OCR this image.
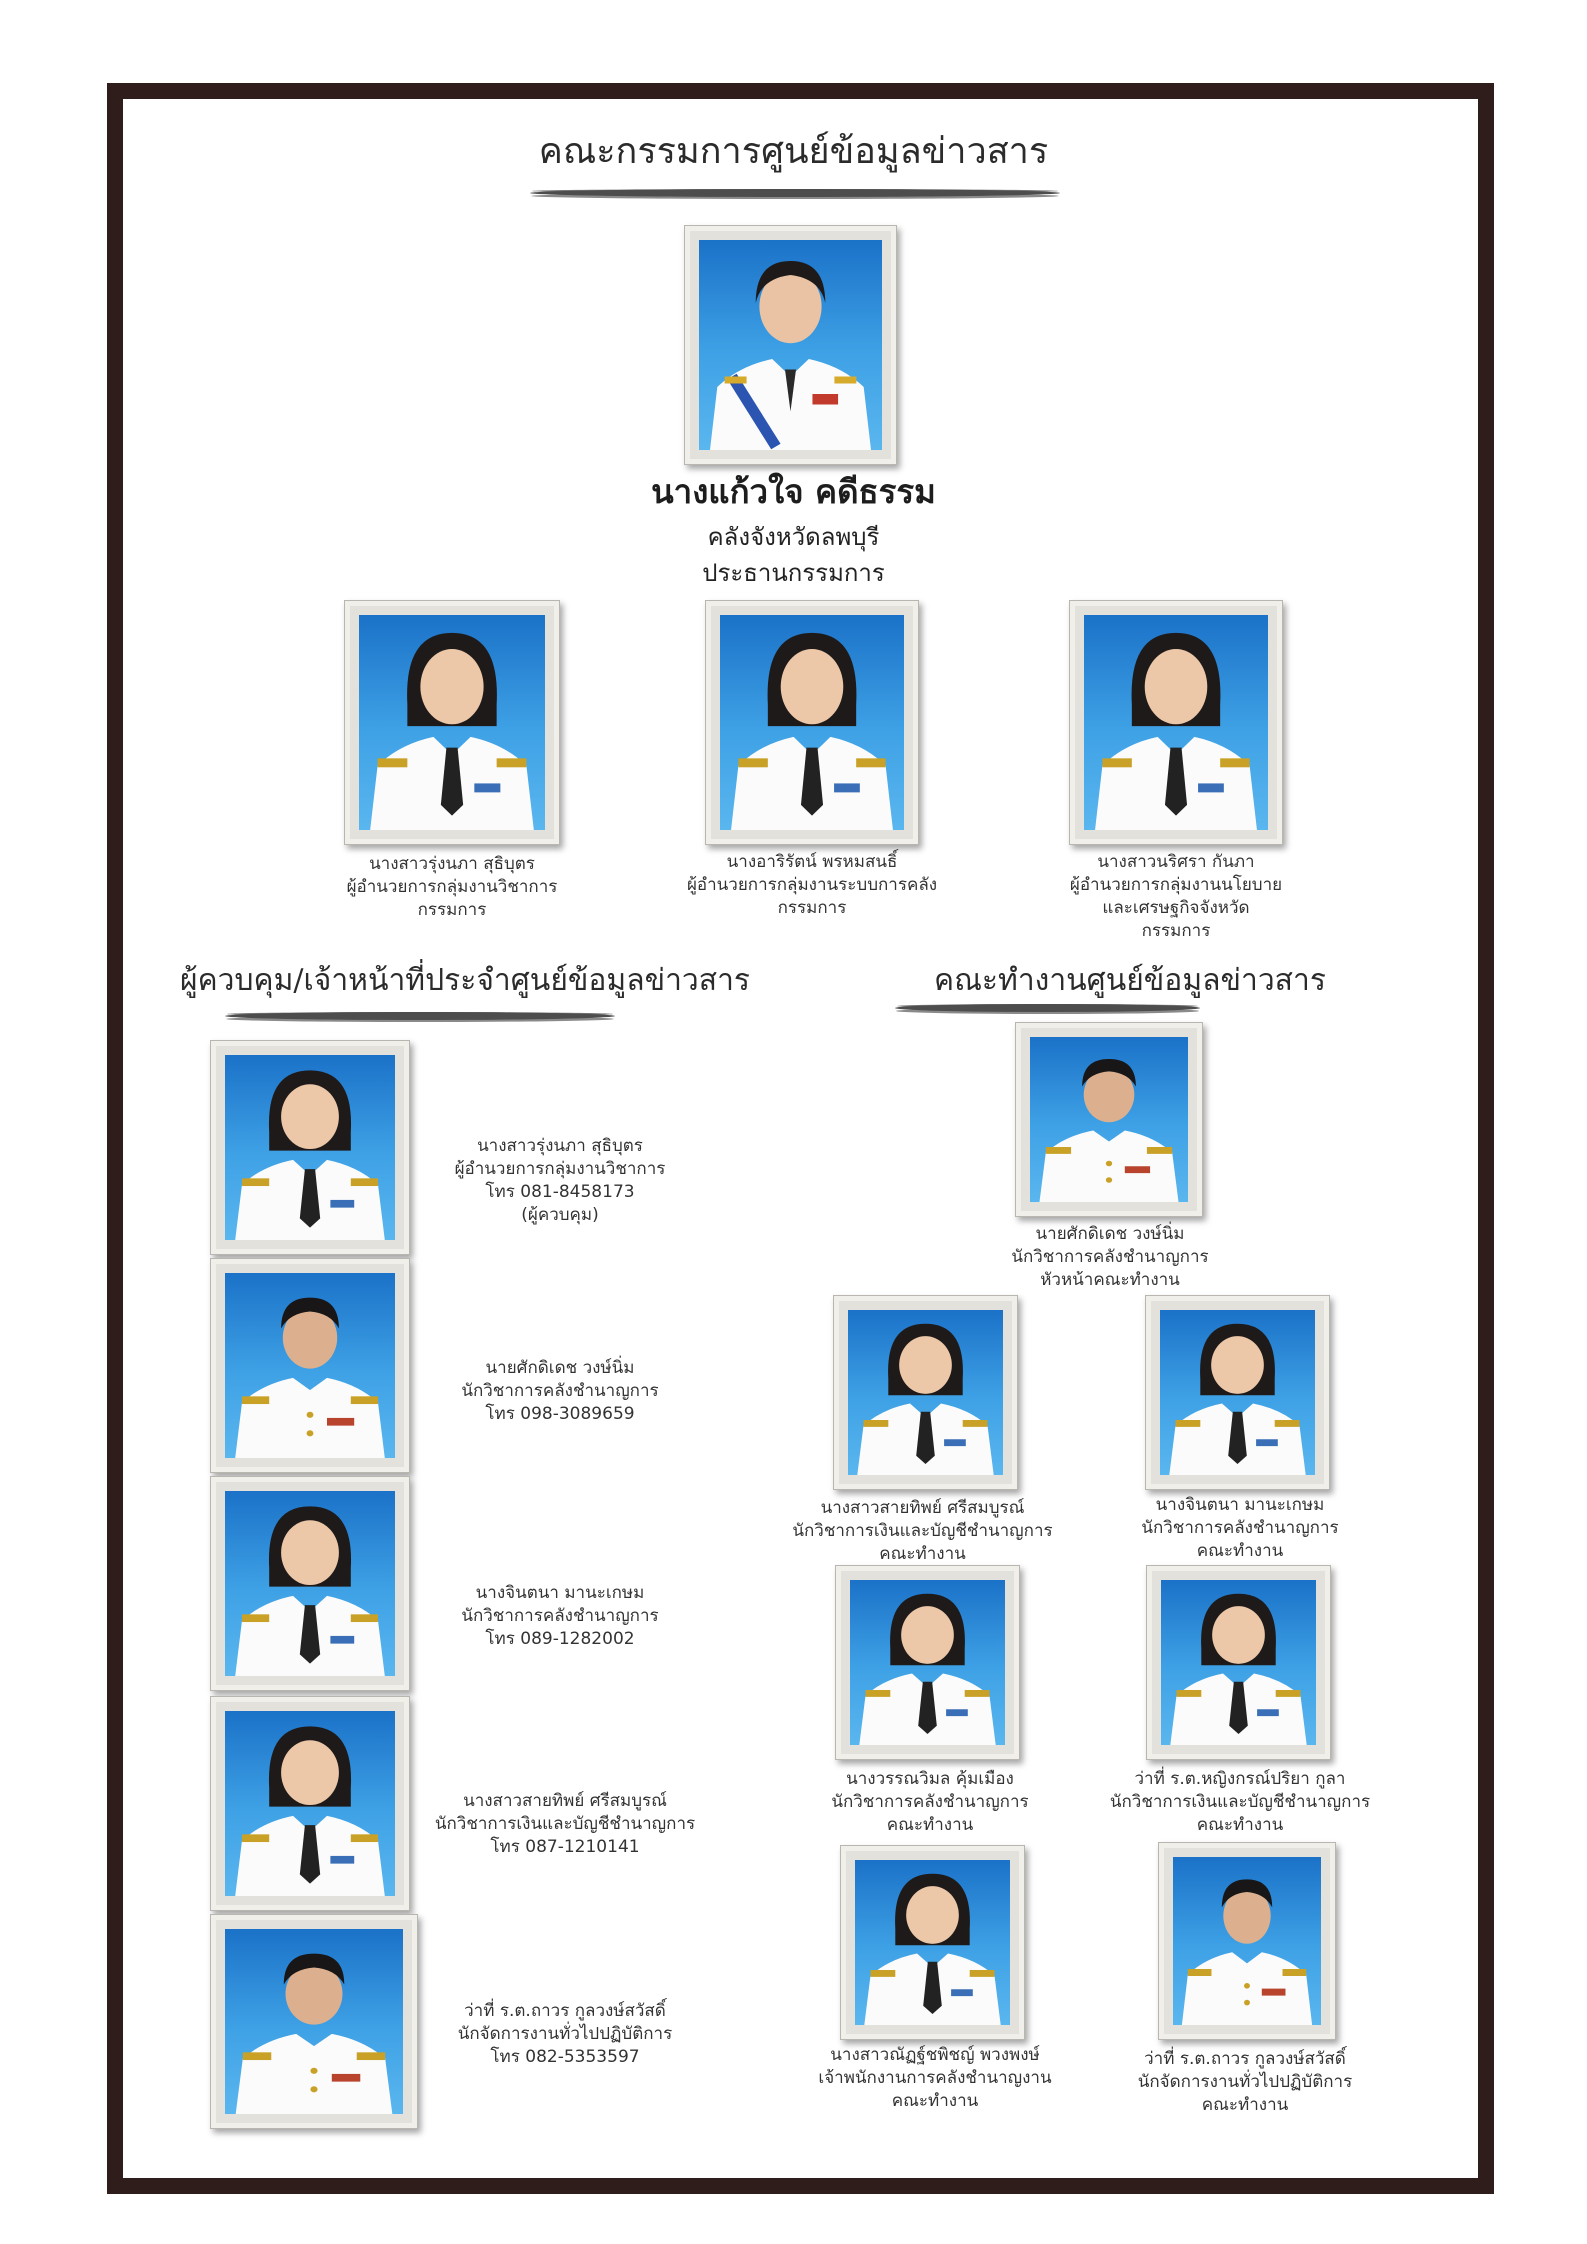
คณะกรรมการศูนย์ข้อมูลข่าวสาร
ผู้ควบคุม/เจ้าหน้าที่ประจำศูนย์ข้อมูลข่าวสาร	คณะทำงานศูนย์ข้อมูลข่าวสาร
นางแก้วใจ คดีธรรม
คลังจังหวัดลพบุรี
ประธานกรรมการ
นางสาวรุ่งนภา สุธิบุตร
ผู้อำนวยการกลุ่มงานวิชาการ
กรรมการ
นางอาริรัตน์ พรหมสนธิ์
ผู้อำนวยการกลุ่มงานระบบการคลัง
กรรมการ
นางสาวนริศรา กันภา
ผู้อำนวยการกลุ่มงานนโยบาย
และเศรษฐกิจจังหวัด
กรรมการ
นางสาวรุ่งนภา สุธิบุตร
ผู้อำนวยการกลุ่มงานวิชาการ
โทร 081-8458173
(ผู้ควบคุม)
นายศักดิเดช วงษ์นิ่ม
นักวิชาการคลังชำนาญการ
โทร 098-3089659
นางจินตนา มานะเกษม
นักวิชาการคลังชำนาญการ
โทร 089-1282002
นางสาวสายทิพย์ ศรีสมบูรณ์
นักวิชาการเงินและบัญชีชำนาญการ
โทร 087-1210141
ว่าที่ ร.ต.ถาวร กูลวงษ์สวัสดิ์
นักจัดการงานทั่วไปปฏิบัติการ
โทร 082-5353597
นายศักดิเดช วงษ์นิ่ม
นักวิชาการคลังชำนาญการ
หัวหน้าคณะทำงาน
นางสาวสายทิพย์ ศรีสมบูรณ์
นักวิชาการเงินและบัญชีชำนาญการ
คณะทำงาน
นางจินตนา มานะเกษม
นักวิชาการคลังชำนาญการ
คณะทำงาน
นางวรรณวิมล คุ้มเมือง
นักวิชาการคลังชำนาญการ
คณะทำงาน
ว่าที่ ร.ต.หญิงกรณ์ปริยา กูลา
นักวิชาการเงินและบัญชีชำนาญการ
คณะทำงาน
นางสาวณัฏฐ์ชพิชญ์ พวงพงษ์
เจ้าพนักงานการคลังชำนาญงาน
คณะทำงาน
ว่าที่ ร.ต.ถาวร กูลวงษ์สวัสดิ์
นักจัดการงานทั่วไปปฏิบัติการ
คณะทำงาน
